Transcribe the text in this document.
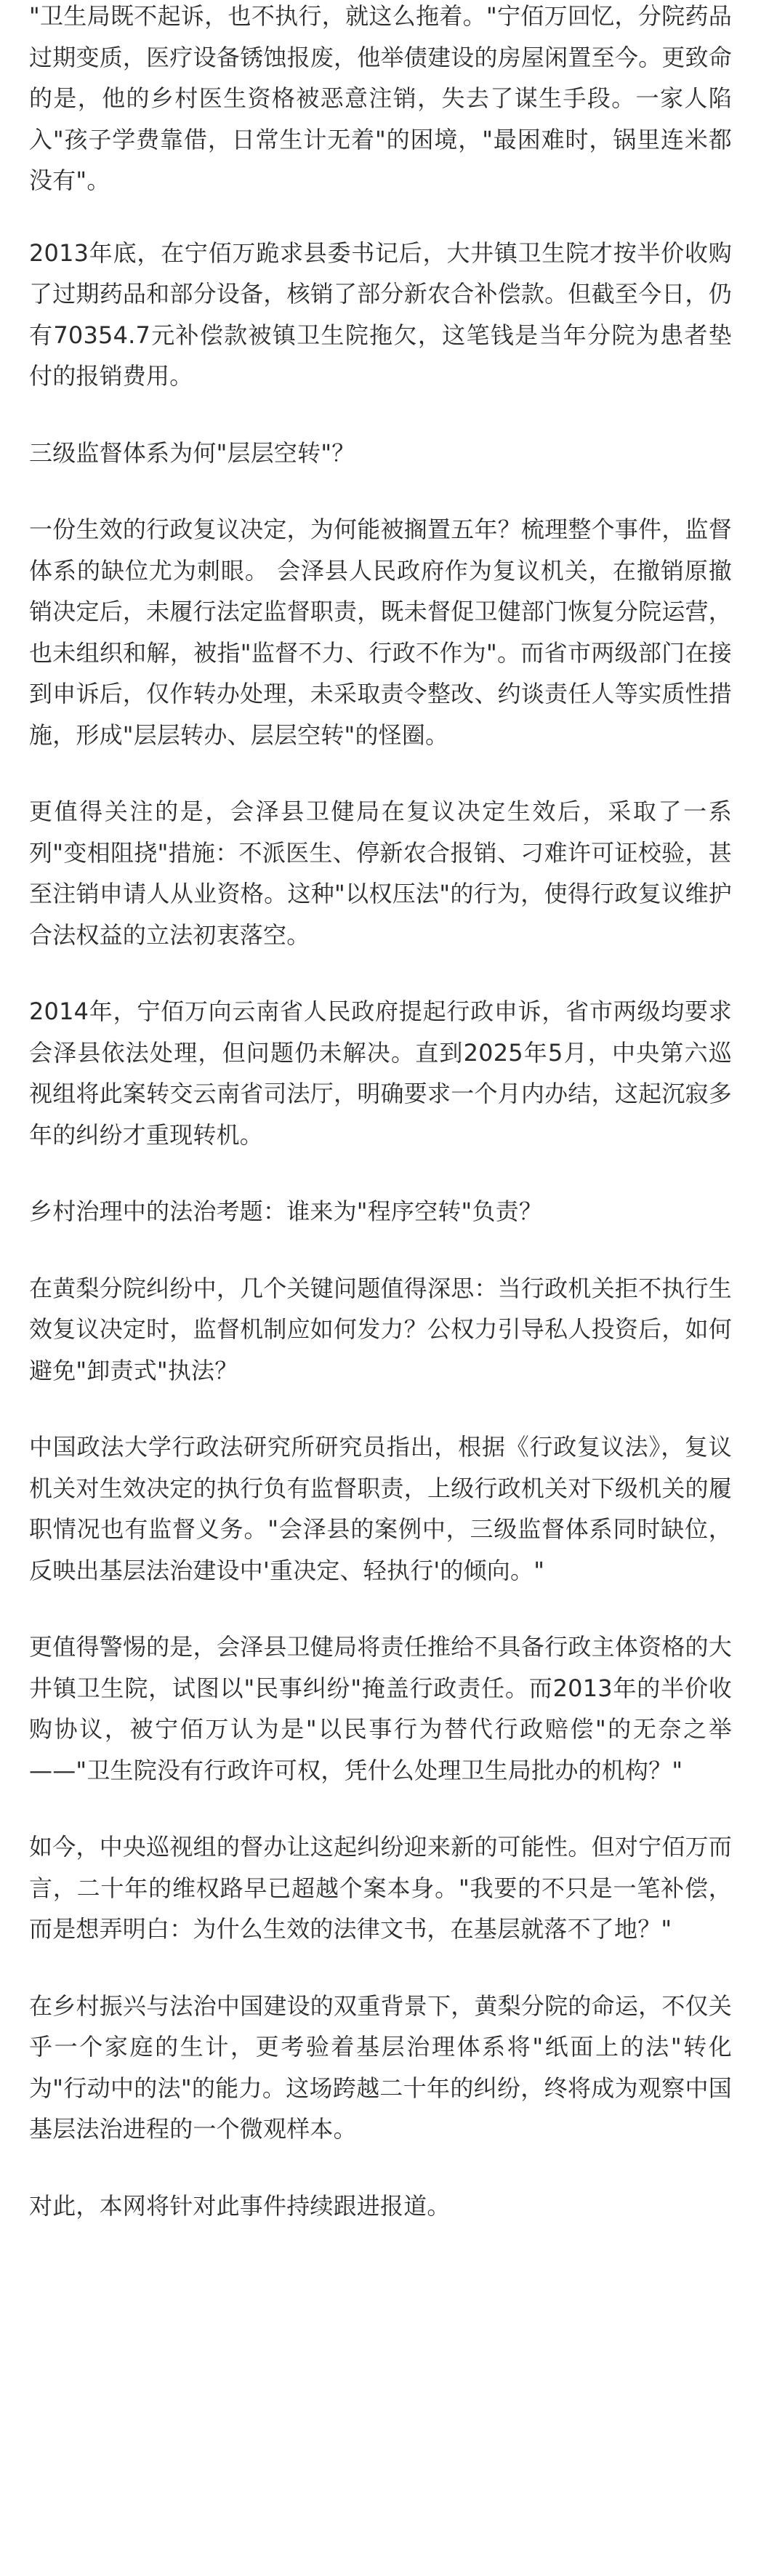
"卫生局既不起诉，也不执行，就这么拖着。"宁佰万回忆，分院药品过期变质，医疗设备锈蚀报废，他举债建设的房屋闲置至今。更致命的是，他的乡村医生资格被恶意注销，失去了谋生手段。一家人陷入"孩子学费靠借，日常生计无着"的困境，"最困难时，锅里连米都没有"。

2013年底，在宁佰万跪求县委书记后，大井镇卫生院才按半价收购了过期药品和部分设备，核销了部分新农合补偿款。但截至今日，仍有70354.7元补偿款被镇卫生院拖欠，这笔钱是当年分院为患者垫付的报销费用。

三级监督体系为何"层层空转"？

一份生效的行政复议决定，为何能被搁置五年？梳理整个事件，监督体系的缺位尤为刺眼。 会泽县人民政府作为复议机关，在撤销原撤销决定后，未履行法定监督职责，既未督促卫健部门恢复分院运营，也未组织和解，被指"监督不力、行政不作为"。而省市两级部门在接到申诉后，仅作转办处理，未采取责令整改、约谈责任人等实质性措施，形成"层层转办、层层空转"的怪圈。

更值得关注的是，会泽县卫健局在复议决定生效后，采取了一系列"变相阻挠"措施：不派医生、停新农合报销、刁难许可证校验，甚至注销申请人从业资格。这种"以权压法"的行为，使得行政复议维护合法权益的立法初衷落空。

2014年，宁佰万向云南省人民政府提起行政申诉，省市两级均要求会泽县依法处理，但问题仍未解决。直到2025年5月，中央第六巡视组将此案转交云南省司法厅，明确要求一个月内办结，这起沉寂多年的纠纷才重现转机。

乡村治理中的法治考题：谁来为"程序空转"负责？

在黄梨分院纠纷中，几个关键问题值得深思：当行政机关拒不执行生效复议决定时，监督机制应如何发力？公权力引导私人投资后，如何避免"卸责式"执法？

中国政法大学行政法研究所研究员指出，根据《行政复议法》，复议机关对生效决定的执行负有监督职责，上级行政机关对下级机关的履职情况也有监督义务。"会泽县的案例中，三级监督体系同时缺位，反映出基层法治建设中'重决定、轻执行'的倾向。"

更值得警惕的是，会泽县卫健局将责任推给不具备行政主体资格的大井镇卫生院，试图以"民事纠纷"掩盖行政责任。而2013年的半价收购协议，被宁佰万认为是"以民事行为替代行政赔偿"的无奈之举——"卫生院没有行政许可权，凭什么处理卫生局批办的机构？"

如今，中央巡视组的督办让这起纠纷迎来新的可能性。但对宁佰万而言，二十年的维权路早已超越个案本身。"我要的不只是一笔补偿，而是想弄明白：为什么生效的法律文书，在基层就落不了地？"

在乡村振兴与法治中国建设的双重背景下，黄梨分院的命运，不仅关乎一个家庭的生计，更考验着基层治理体系将"纸面上的法"转化为"行动中的法"的能力。这场跨越二十年的纠纷，终将成为观察中国基层法治进程的一个微观样本。

对此，本网将针对此事件持续跟进报道。
